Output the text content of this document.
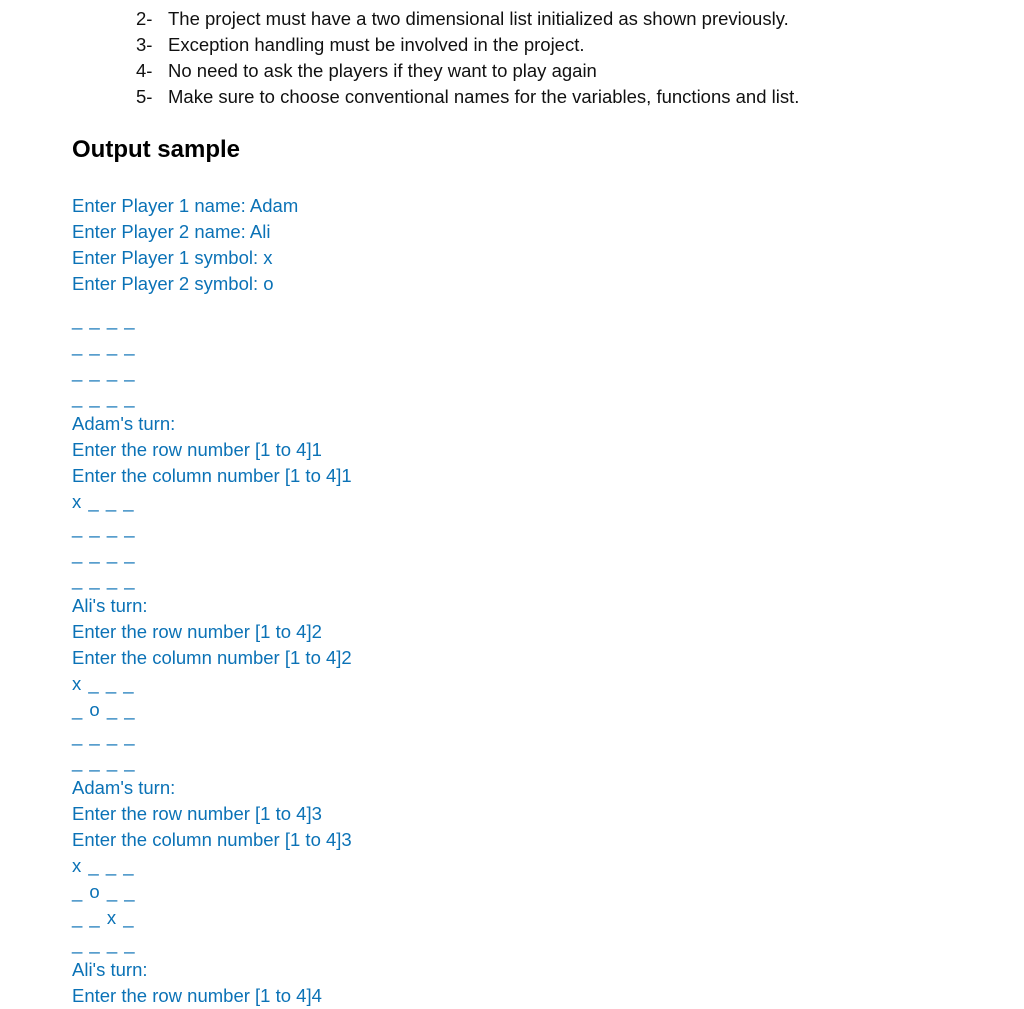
2- The project must have a two dimensional list initialized as shown previously.
3- Exception handling must be involved in the project.
4- No need to ask the players if they want to play again
5- Make sure to choose conventional names for the variables, functions and list.
Output sample
Enter Player 1 name: Adam
Enter Player 2 name: Ali
Enter Player 1 symbol: x
Enter Player 2 symbol: o
_ _ _ _
_ _ _ _
_ _ _ _
_ _ _ _
Adam's turn:
Enter the row number [1 to 4]1
Enter the column number [1 to 4]1
x _ _ _
_ _ _ _
_ _ _ _
_ _ _ _
Ali's turn:
Enter the row number [1 to 4]2
Enter the column number [1 to 4]2
x _ _ _
_ o _ _
_ _ _ _
_ _ _ _
Adam's turn:
Enter the row number [1 to 4]3
Enter the column number [1 to 4]3
x _ _ _
_ o _ _
_ _ x _
_ _ _ _
Ali's turn:
Enter the row number [1 to 4]4
